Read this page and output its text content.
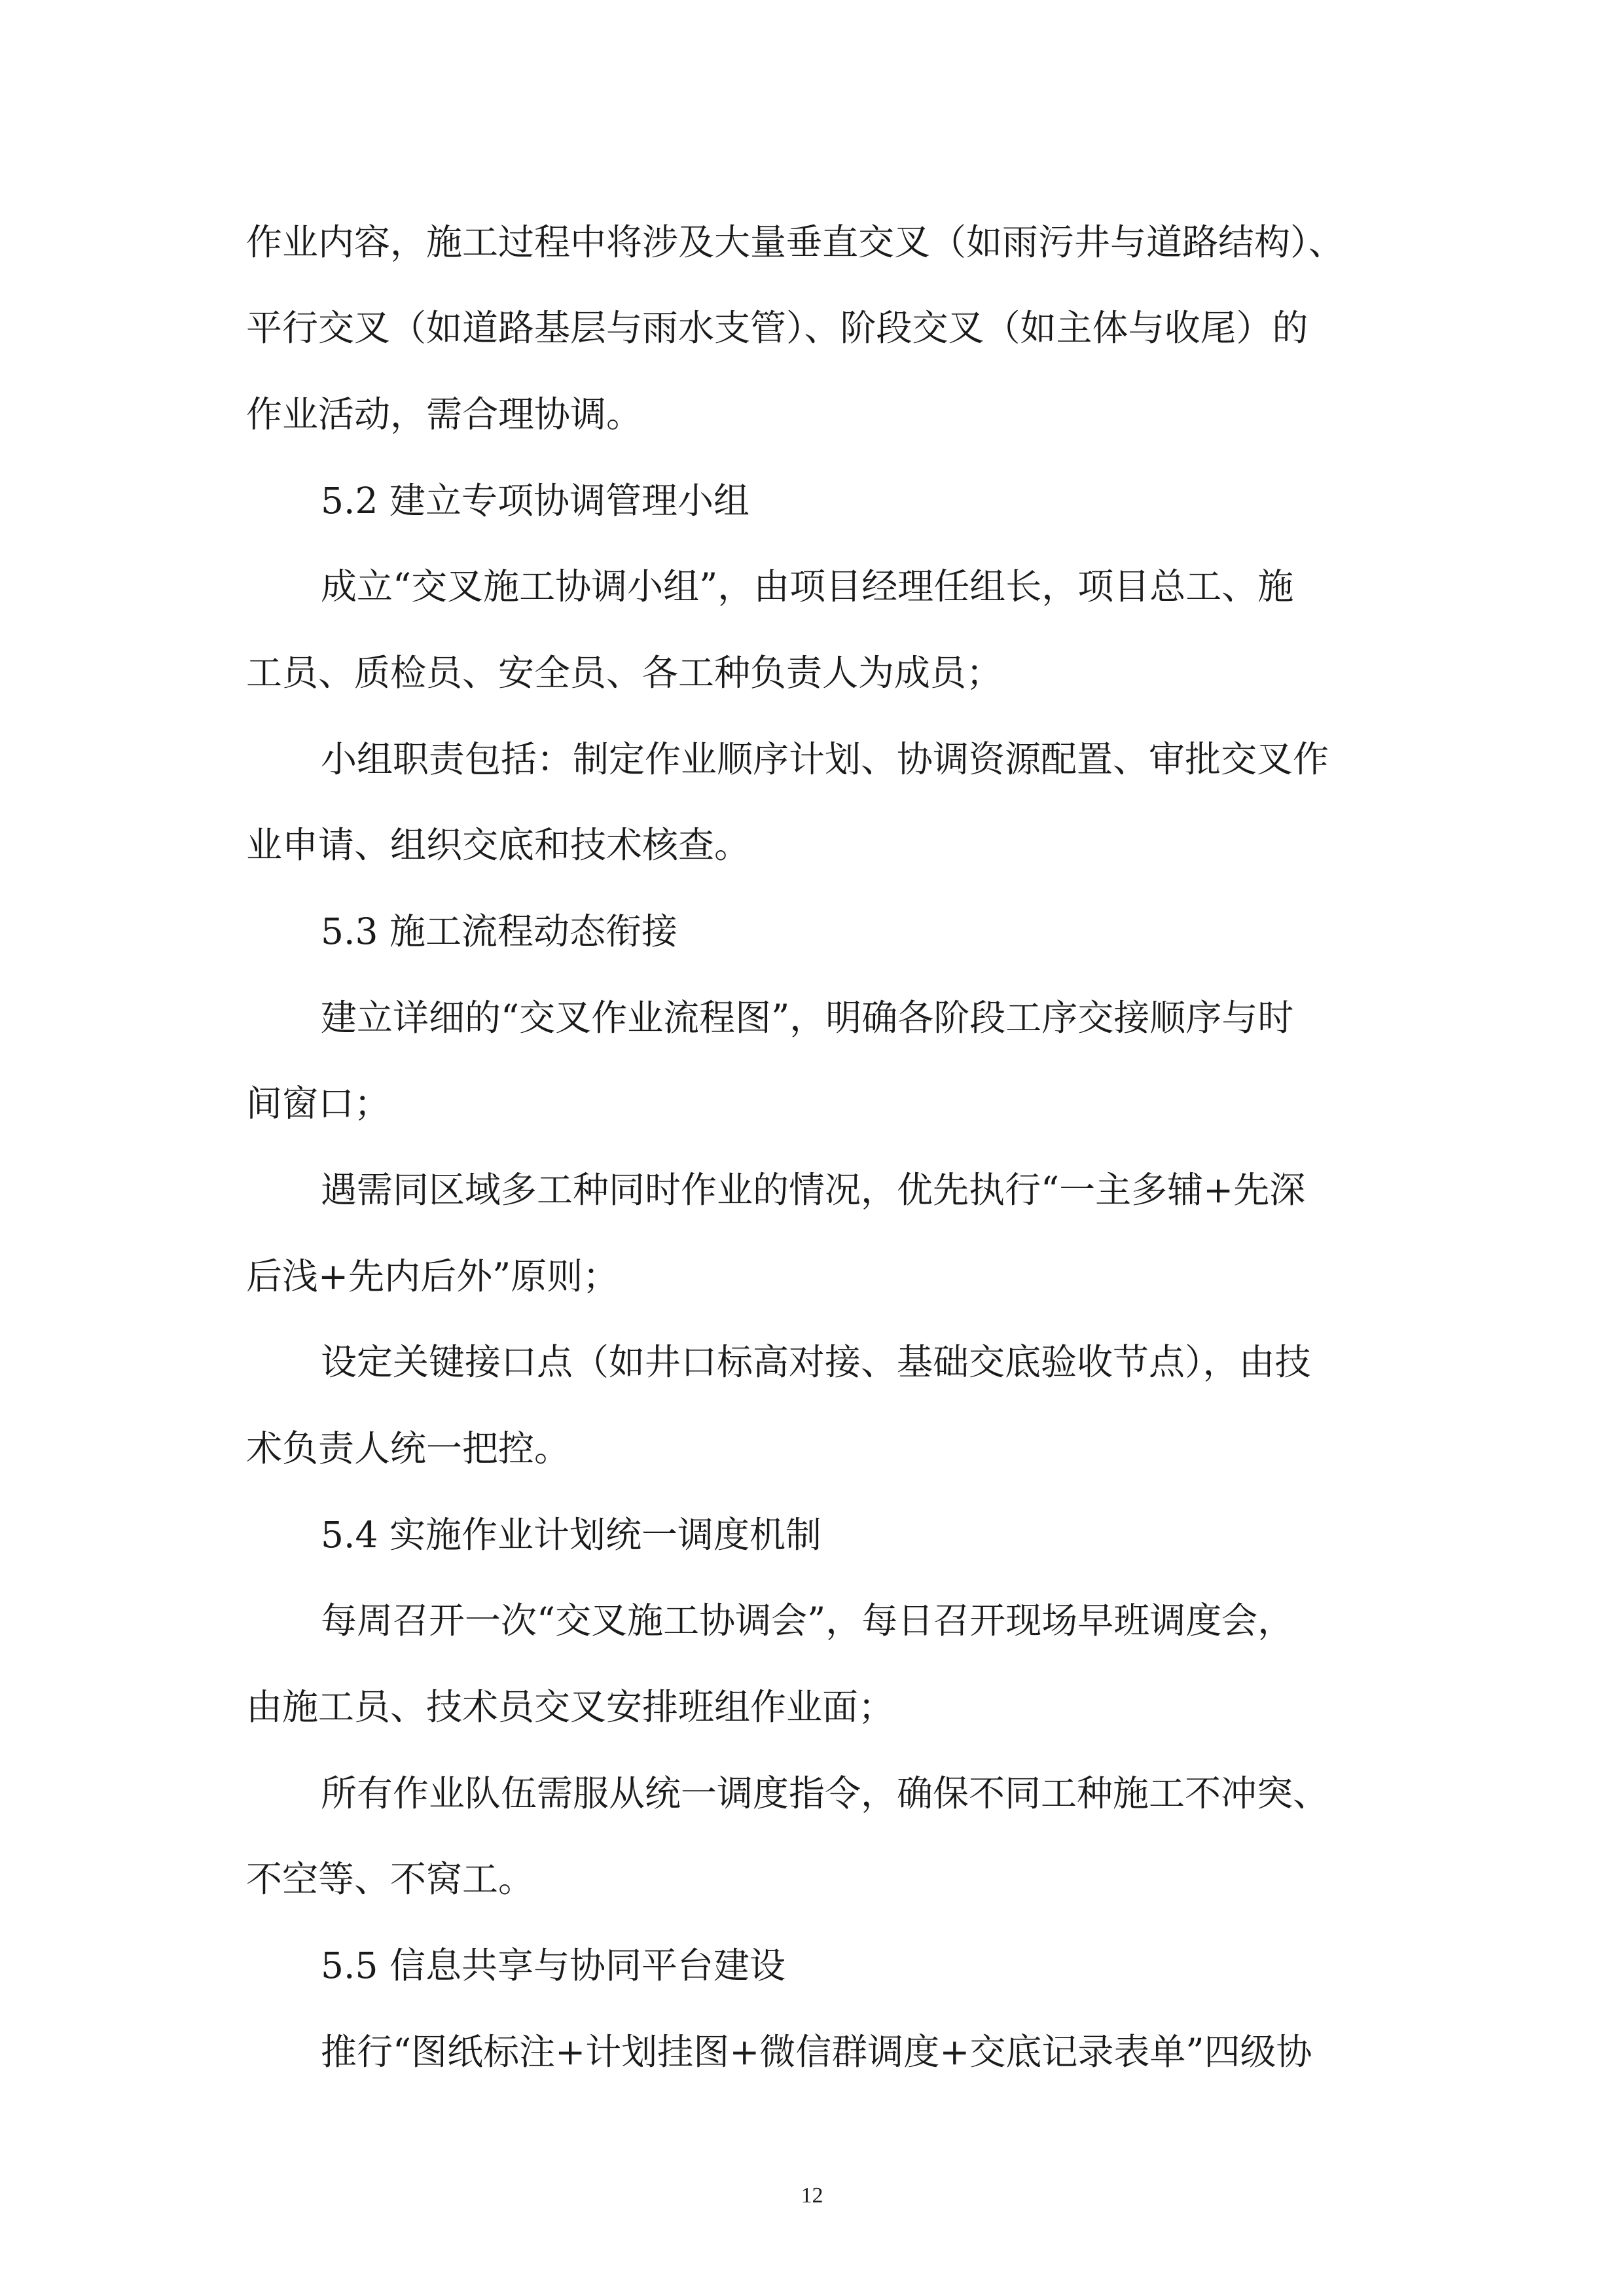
作业内容，施工过程中将涉及大量垂直交叉（如雨污井与道路结构）、
平行交叉（如道路基层与雨水支管）、阶段交叉（如主体与收尾）的
作业活动，需合理协调。
5.2 建立专项协调管理小组
成立“交叉施工协调小组”，由项目经理任组长，项目总工、施
工员、质检员、安全员、各工种负责人为成员；
小组职责包括：制定作业顺序计划、协调资源配置、审批交叉作
业申请、组织交底和技术核查。
5.3 施工流程动态衔接
建立详细的“交叉作业流程图”，明确各阶段工序交接顺序与时
间窗口；
遇需同区域多工种同时作业的情况，优先执行“一主多辅+先深
后浅+先内后外”原则；
设定关键接口点（如井口标高对接、基础交底验收节点），由技
术负责人统一把控。
5.4 实施作业计划统一调度机制
每周召开一次“交叉施工协调会”，每日召开现场早班调度会，
由施工员、技术员交叉安排班组作业面；
所有作业队伍需服从统一调度指令，确保不同工种施工不冲突、
不空等、不窝工。
5.5 信息共享与协同平台建设
推行“图纸标注+计划挂图+微信群调度+交底记录表单”四级协
12
